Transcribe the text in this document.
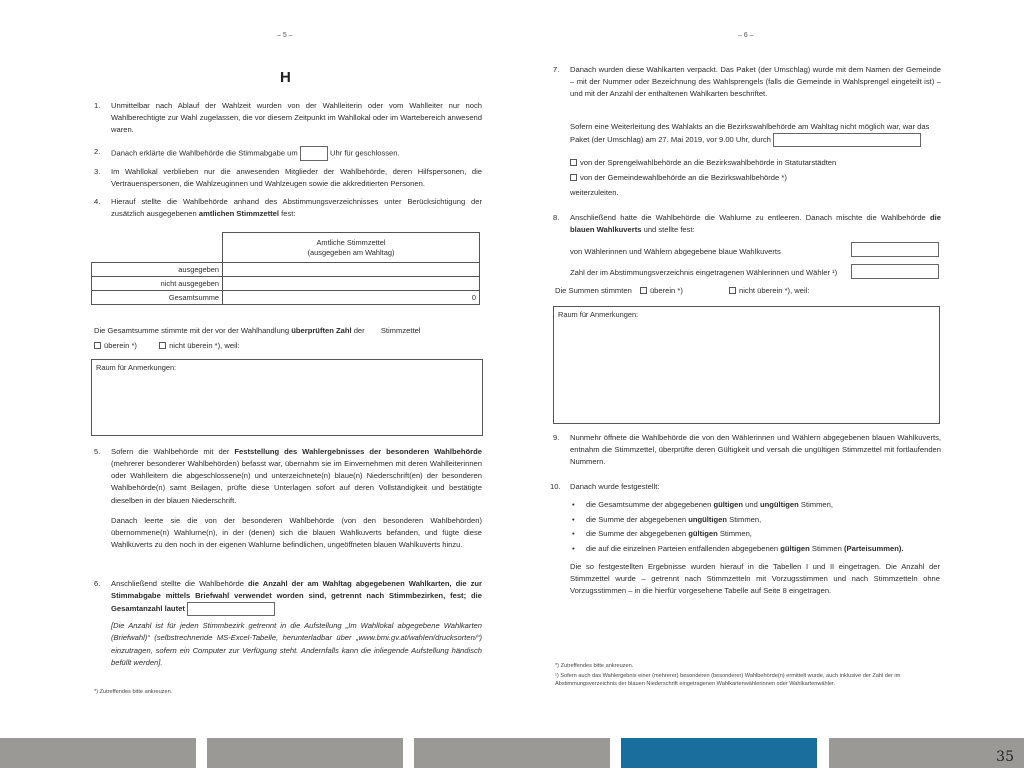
– 5 –
H
1. Unmittelbar nach Ablauf der Wahlzeit wurden von der Wahlleiterin oder vom Wahlleiter nur noch Wahlberechtigte zur Wahl zugelassen, die vor diesem Zeitpunkt im Wahllokal oder im Wartebereich anwesend waren.
2. Danach erklärte die Wahlbehörde die Stimmabgabe um	Uhr für geschlossen.
3. Im Wahllokal verblieben nur die anwesenden Mitglieder der Wahlbehörde, deren Hilfspersonen, die Vertrauenspersonen, die Wahlzeuginnen und Wahlzeugen sowie die akkreditierten Personen.
4. Hierauf stellte die Wahlbehörde anhand des Abstimmungsverzeichnisses unter Berücksichtigung der zusätzlich ausgegebenen amtlichen Stimmzettel fest:

	Amtliche Stimmzettel
(ausgegeben am Wahltag)

ausgegeben	
nicht ausgegeben	
Gesamtsumme	0
Die Gesamtsumme stimmte mit der vor der Wahlhandlung überprüften Zahl der Stimmzettel
überein *)	nicht überein *), weil:
Raum für Anmerkungen:
5. Sofern die Wahlbehörde mit der Feststellung des Wahlergebnisses der besonderen Wahlbehörde (mehrerer besonderer Wahlbehörden) befasst war, übernahm sie im Einvernehmen mit deren Wahlleiterinnen oder Wahlleitern die abgeschlossene(n) und unterzeichnete(n) blaue(n) Niederschrift(en) der besonderen Wahlbehörde(n) samt Beilagen, prüfte diese Unterlagen sofort auf deren Vollständigkeit und bestätigte dieselben in der blauen Niederschrift.
Danach leerte sie die von der besonderen Wahlbehörde (von den besonderen Wahlbehörden) übernommene(n) Wahlurne(n), in der (denen) sich die blauen Wahlkuverts befanden, und fügte diese Wahlkuverts zu den noch in der eigenen Wahlurne befindlichen, ungeöffneten blauen Wahlkuverts hinzu.
6. Anschließend stellte die Wahlbehörde die Anzahl der am Wahltag abgegebenen Wahlkarten, die zur Stimmabgabe mittels Briefwahl verwendet worden sind, getrennt nach Stimmbezirken, fest; die Gesamtanzahl lautet
[Die Anzahl ist für jeden Stimmbezirk getrennt in die Aufstellung „Im Wahllokal abgegebene Wahlkarten (Briefwahl)“ (selbstrechnende MS-Excel-Tabelle, herunterladbar über „www.bmi.gv.at/wahlen/drucksorten/“) einzutragen, sofern ein Computer zur Verfügung steht. Andernfalls kann die inliegende Aufstellung händisch befüllt werden].
*) Zutreffendes bitte ankreuzen.
– 6 –
7. Danach wurden diese Wahlkarten verpackt. Das Paket (der Umschlag) wurde mit dem Namen der Gemeinde – mit der Nummer oder Bezeichnung des Wahlsprengels (falls die Gemeinde in Wahlsprengel eingeteilt ist) – und mit der Anzahl der enthaltenen Wahlkarten beschriftet.
Sofern eine Weiterleitung des Wahlakts an die Bezirkswahlbehörde am Wahltag nicht möglich war, war das Paket (der Umschlag) am 27. Mai 2019, vor 9.00 Uhr, durch
von der Sprengelwahlbehörde an die Bezirkswahlbehörde in Statutarstädten
von der Gemeindewahlbehörde an die Bezirkswahlbehörde *)
weiterzuleiten.
8. Anschließend hatte die Wahlbehörde die Wahlurne zu entleeren. Danach mischte die Wahlbehörde die blauen Wahlkuverts und stellte fest:
von Wählerinnen und Wählern abgegebene blaue Wahlkuverts
Zahl der im Abstimmungsverzeichnis eingetragenen Wählerinnen und Wähler ¹)
Die Summen stimmten überein *)	nicht überein *), weil:
Raum für Anmerkungen:
9. Nunmehr öffnete die Wahlbehörde die von den Wählerinnen und Wählern abgegebenen blauen Wahlkuverts, entnahm die Stimmzettel, überprüfte deren Gültigkeit und versah die ungültigen Stimmzettel mit fortlaufenden Nummern.
10. Danach wurde festgestellt:
• die Gesamtsumme der abgegebenen gültigen und ungültigen Stimmen,
• die Summe der abgegebenen ungültigen Stimmen,
• die Summe der abgegebenen gültigen Stimmen,
• die auf die einzelnen Parteien entfallenden abgegebenen gültigen Stimmen (Parteisummen).
Die so festgestellten Ergebnisse wurden hierauf in die Tabellen I und II eingetragen. Die Anzahl der Stimmzettel wurde – getrennt nach Stimmzetteln mit Vorzugsstimmen und nach Stimmzetteln ohne Vorzugsstimmen – in die hierfür vorgesehene Tabelle auf Seite 8 eingetragen.
*) Zutreffendes bitte ankreuzen.
¹) Sofern auch das Wahlergebnis einer (mehrerer) besonderen (besonderer) Wahlbehörde(n) ermittelt wurde, auch inklusive der Zahl der im Abstimmungsverzeichnis der blauen Niederschrift eingetragenen Wahlkartenwählerinnen oder Wahlkartenwähler.
35
